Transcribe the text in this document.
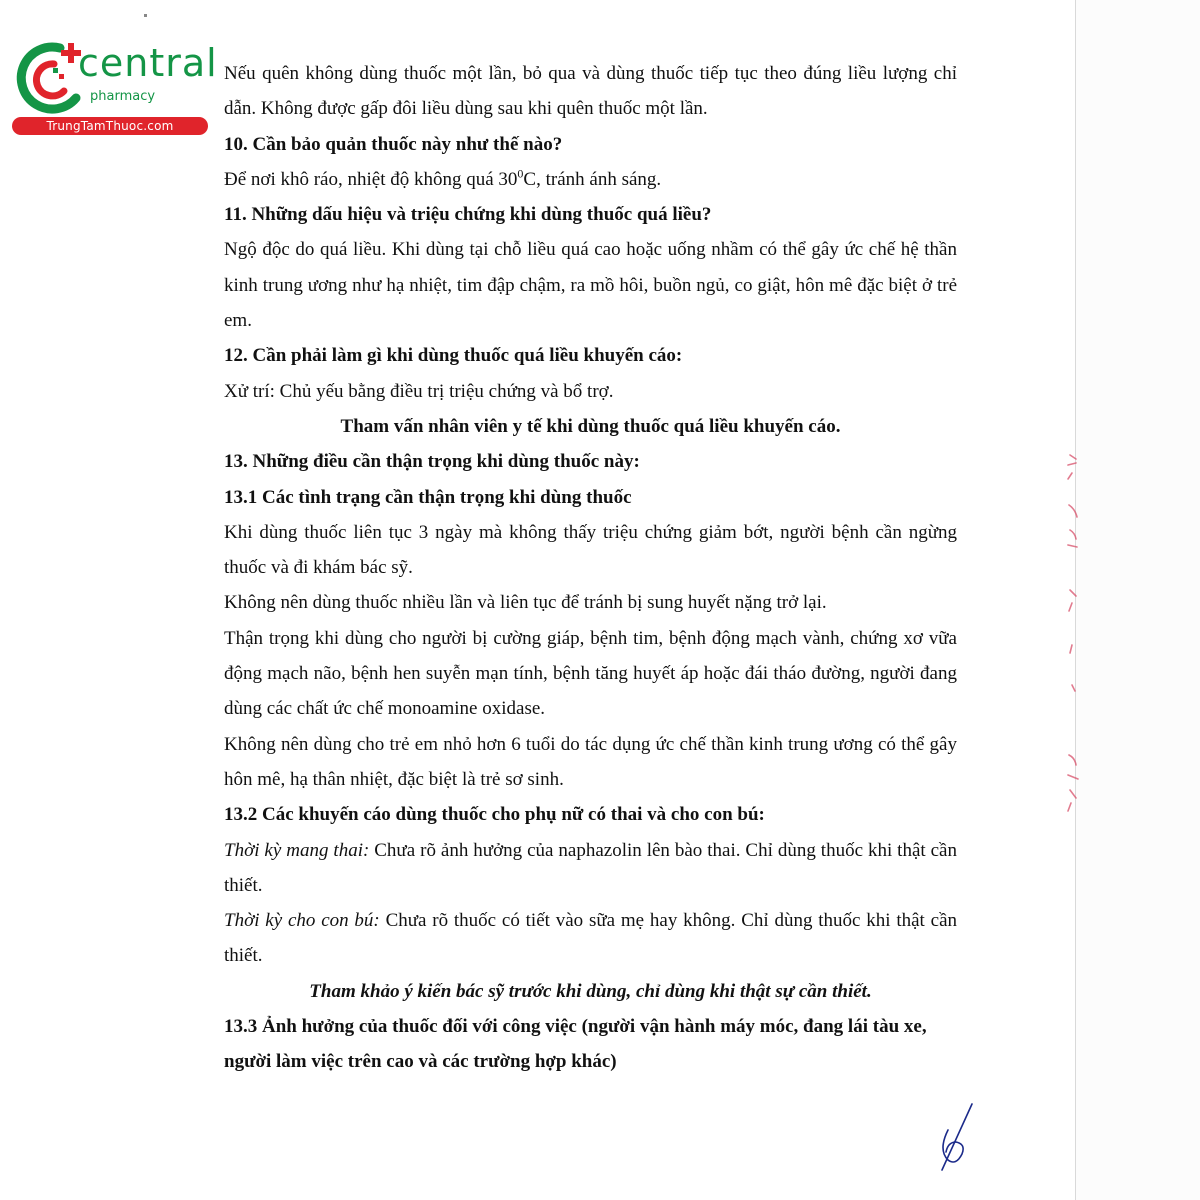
central
pharmacy
TrungTamThuoc.com

Nếu quên không dùng thuốc một lần, bỏ qua và dùng thuốc tiếp tục theo đúng liều lượng chỉ dẫn. Không được gấp đôi liều dùng sau khi quên thuốc một lần.

10. Cần bảo quản thuốc này như thế nào?

Để nơi khô ráo, nhiệt độ không quá $30^0C$, tránh ánh sáng.

11. Những dấu hiệu và triệu chứng khi dùng thuốc quá liều?

Ngộ độc do quá liều. Khi dùng tại chỗ liều quá cao hoặc uống nhầm có thể gây ức chế hệ thần kinh trung ương như hạ nhiệt, tim đập chậm, ra mồ hôi, buồn ngủ, co giật, hôn mê đặc biệt ở trẻ em.

12. Cần phải làm gì khi dùng thuốc quá liều khuyến cáo:

Xử trí: Chủ yếu bằng điều trị triệu chứng và bổ trợ.

Tham vấn nhân viên y tế khi dùng thuốc quá liều khuyến cáo.

13. Những điều cần thận trọng khi dùng thuốc này:

13.1 Các tình trạng cần thận trọng khi dùng thuốc

Khi dùng thuốc liên tục 3 ngày mà không thấy triệu chứng giảm bớt, người bệnh cần ngừng thuốc và đi khám bác sỹ.

Không nên dùng thuốc nhiều lần và liên tục để tránh bị sung huyết nặng trở lại.

Thận trọng khi dùng cho người bị cường giáp, bệnh tim, bệnh động mạch vành, chứng xơ vữa động mạch não, bệnh hen suyễn mạn tính, bệnh tăng huyết áp hoặc đái tháo đường, người đang dùng các chất ức chế monoamine oxidase.

Không nên dùng cho trẻ em nhỏ hơn 6 tuổi do tác dụng ức chế thần kinh trung ương có thể gây hôn mê, hạ thân nhiệt, đặc biệt là trẻ sơ sinh.

13.2 Các khuyến cáo dùng thuốc cho phụ nữ có thai và cho con bú:

Thời kỳ mang thai: Chưa rõ ảnh hưởng của naphazolin lên bào thai. Chỉ dùng thuốc khi thật cần thiết.

Thời kỳ cho con bú: Chưa rõ thuốc có tiết vào sữa mẹ hay không. Chỉ dùng thuốc khi thật cần thiết.

Tham khảo ý kiến bác sỹ trước khi dùng, chỉ dùng khi thật sự cần thiết.

13.3 Ảnh hưởng của thuốc đối với công việc (người vận hành máy móc, đang lái tàu xe, người làm việc trên cao và các trường hợp khác)
